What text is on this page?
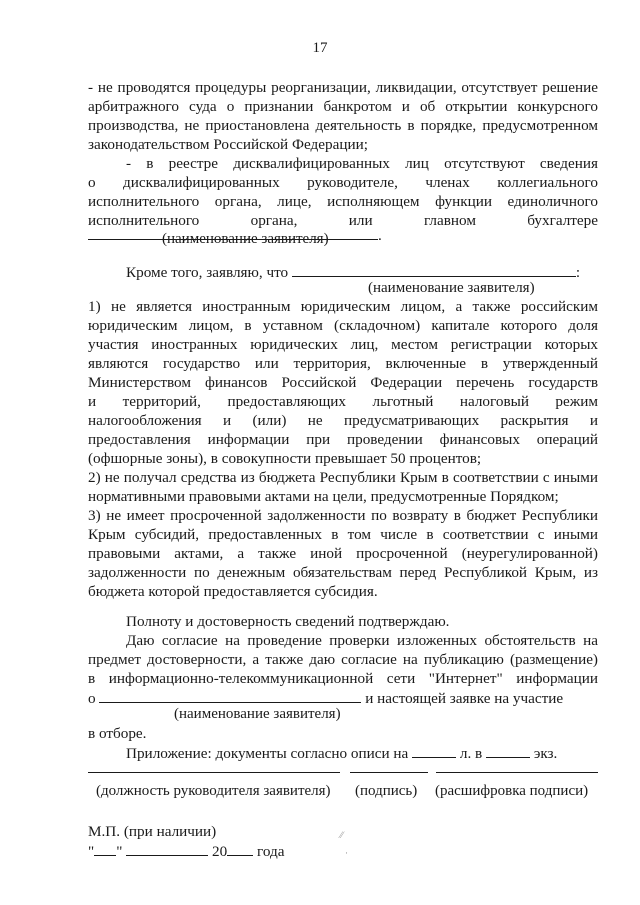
17
- не проводятся процедуры реорганизации, ликвидации, отсутствует решение
арбитражного суда о признании банкротом и об открытии конкурсного
производства, не приостановлена деятельность в порядке, предусмотренном
законодательством Российской Федерации;
- в реестре дисквалифицированных лиц отсутствуют сведения
о дисквалифицированных руководителе, членах коллегиального
исполнительного органа, лице, исполняющем функции единоличного
исполнительного органа, или главном бухгалтере
.
(наименование заявителя)
Кроме того, заявляю, что	:
(наименование заявителя)
1) не является иностранным юридическим лицом, а также российским
юридическим лицом, в уставном (складочном) капитале которого доля
участия иностранных юридических лиц, местом регистрации которых
являются государство или территория, включенные в утвержденный
Министерством финансов Российской Федерации перечень государств
и территорий, предоставляющих льготный налоговый режим
налогообложения и (или) не предусматривающих раскрытия и
предоставления информации при проведении финансовых операций
(офшорные зоны), в совокупности превышает 50 процентов;
2) не получал средства из бюджета Республики Крым в соответствии с иными
нормативными правовыми актами на цели, предусмотренные Порядком;
3) не имеет просроченной задолженности по возврату в бюджет Республики
Крым субсидий, предоставленных в том числе в соответствии с иными
правовыми актами, а также иной просроченной (неурегулированной)
задолженности по денежным обязательствам перед Республикой Крым, из
бюджета которой предоставляется субсидия.
Полноту и достоверность сведений подтверждаю.
Даю согласие на проведение проверки изложенных обстоятельств на
предмет достоверности, а также даю согласие на публикацию (размещение)
в информационно-телекоммуникационной сети "Интернет" информации
о	и настоящей заявке на участие
(наименование заявителя)
в отборе.
Приложение: документы согласно описи на	л. в	экз.
(должность руководителя заявителя) (подпись) (расшифровка подписи)
М.П. (при наличии)
" "	20 года
⁄⁄
·
